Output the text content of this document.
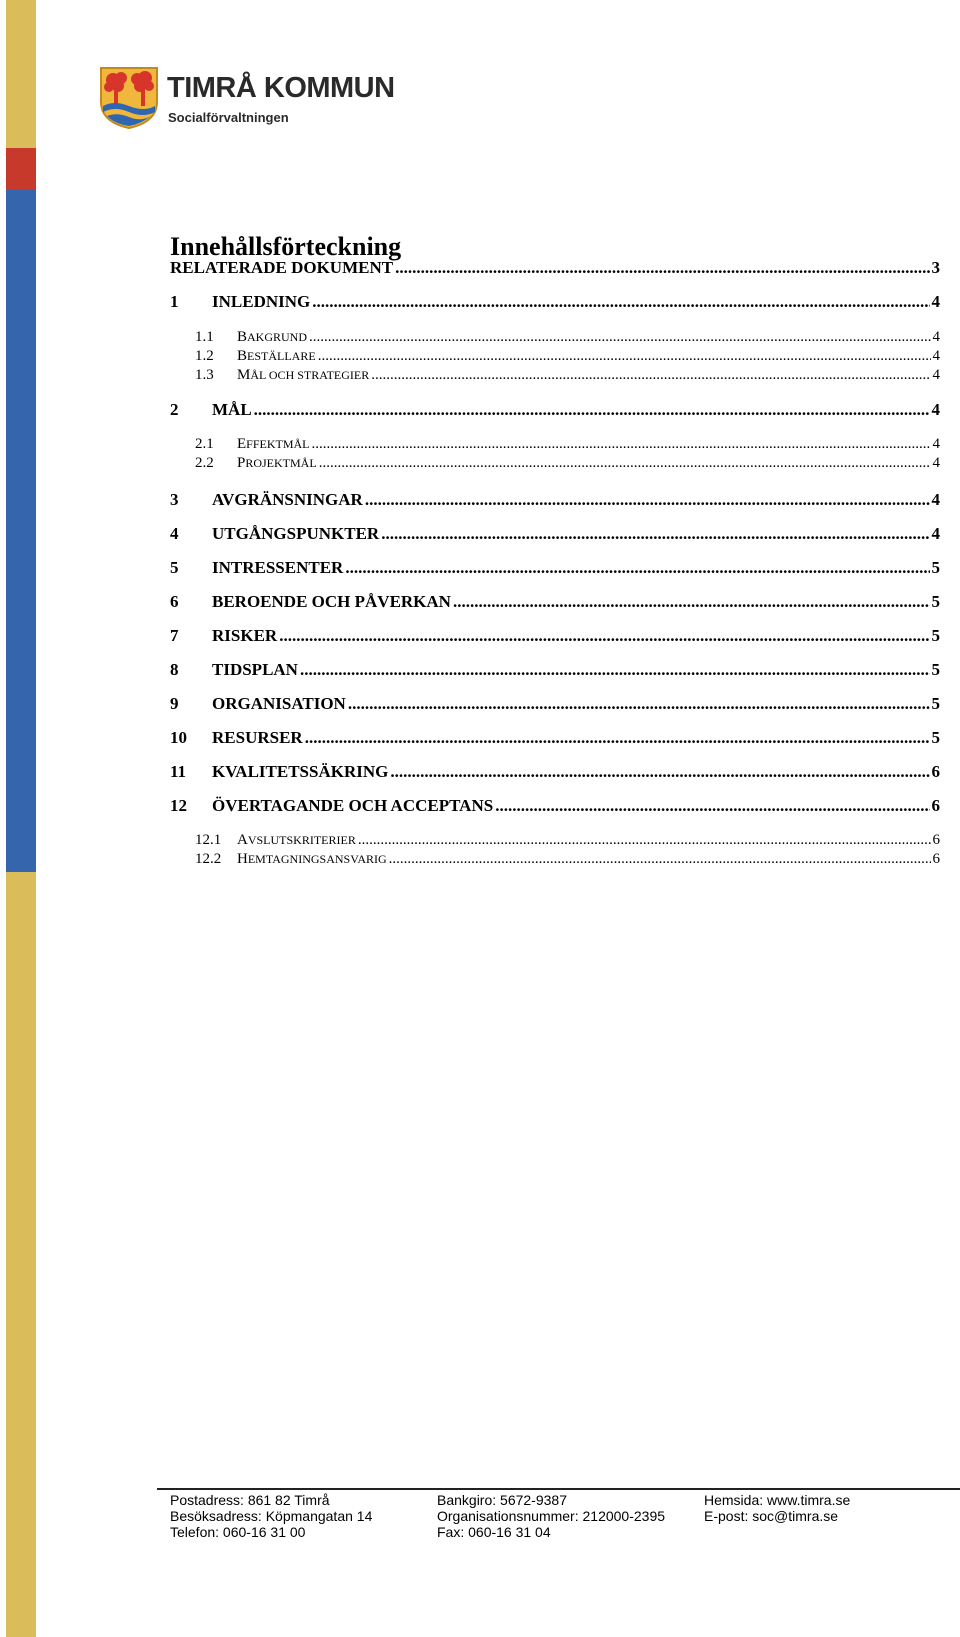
TIMRÅ KOMMUN
Socialförvaltningen
Innehållsförteckning
RELATERADE DOKUMENT .....	3
1	INLEDNING .....	4
1.1	BAKGRUND .....	4
1.2	BESTÄLLARE .....	4
1.3	MÅL OCH STRATEGIER .....	4
2	MÅL .....	4
2.1	EFFEKTMÅL .....	4
2.2	PROJEKTMÅL .....	4
3	AVGRÄNSNINGAR .....	4
4	UTGÅNGSPUNKTER .....	4
5	INTRESSENTER .....	5
6	BEROENDE OCH PÅVERKAN .....	5
7	RISKER .....	5
8	TIDSPLAN .....	5
9	ORGANISATION .....	5
10	RESURSER .....	5
11	KVALITETSSÄKRING .....	6
12	ÖVERTAGANDE OCH ACCEPTANS .....	6
12.1	AVSLUTSKRITERIER .....	6
12.2	HEMTAGNINGSANSVARIG .....	6
Postadress: 861 82 Timrå
Besöksadress: Köpmangatan 14
Telefon: 060-16 31 00
Bankgiro: 5672-9387
Organisationsnummer: 212000-2395
Fax: 060-16 31 04
Hemsida: www.timra.se
E-post: soc@timra.se
